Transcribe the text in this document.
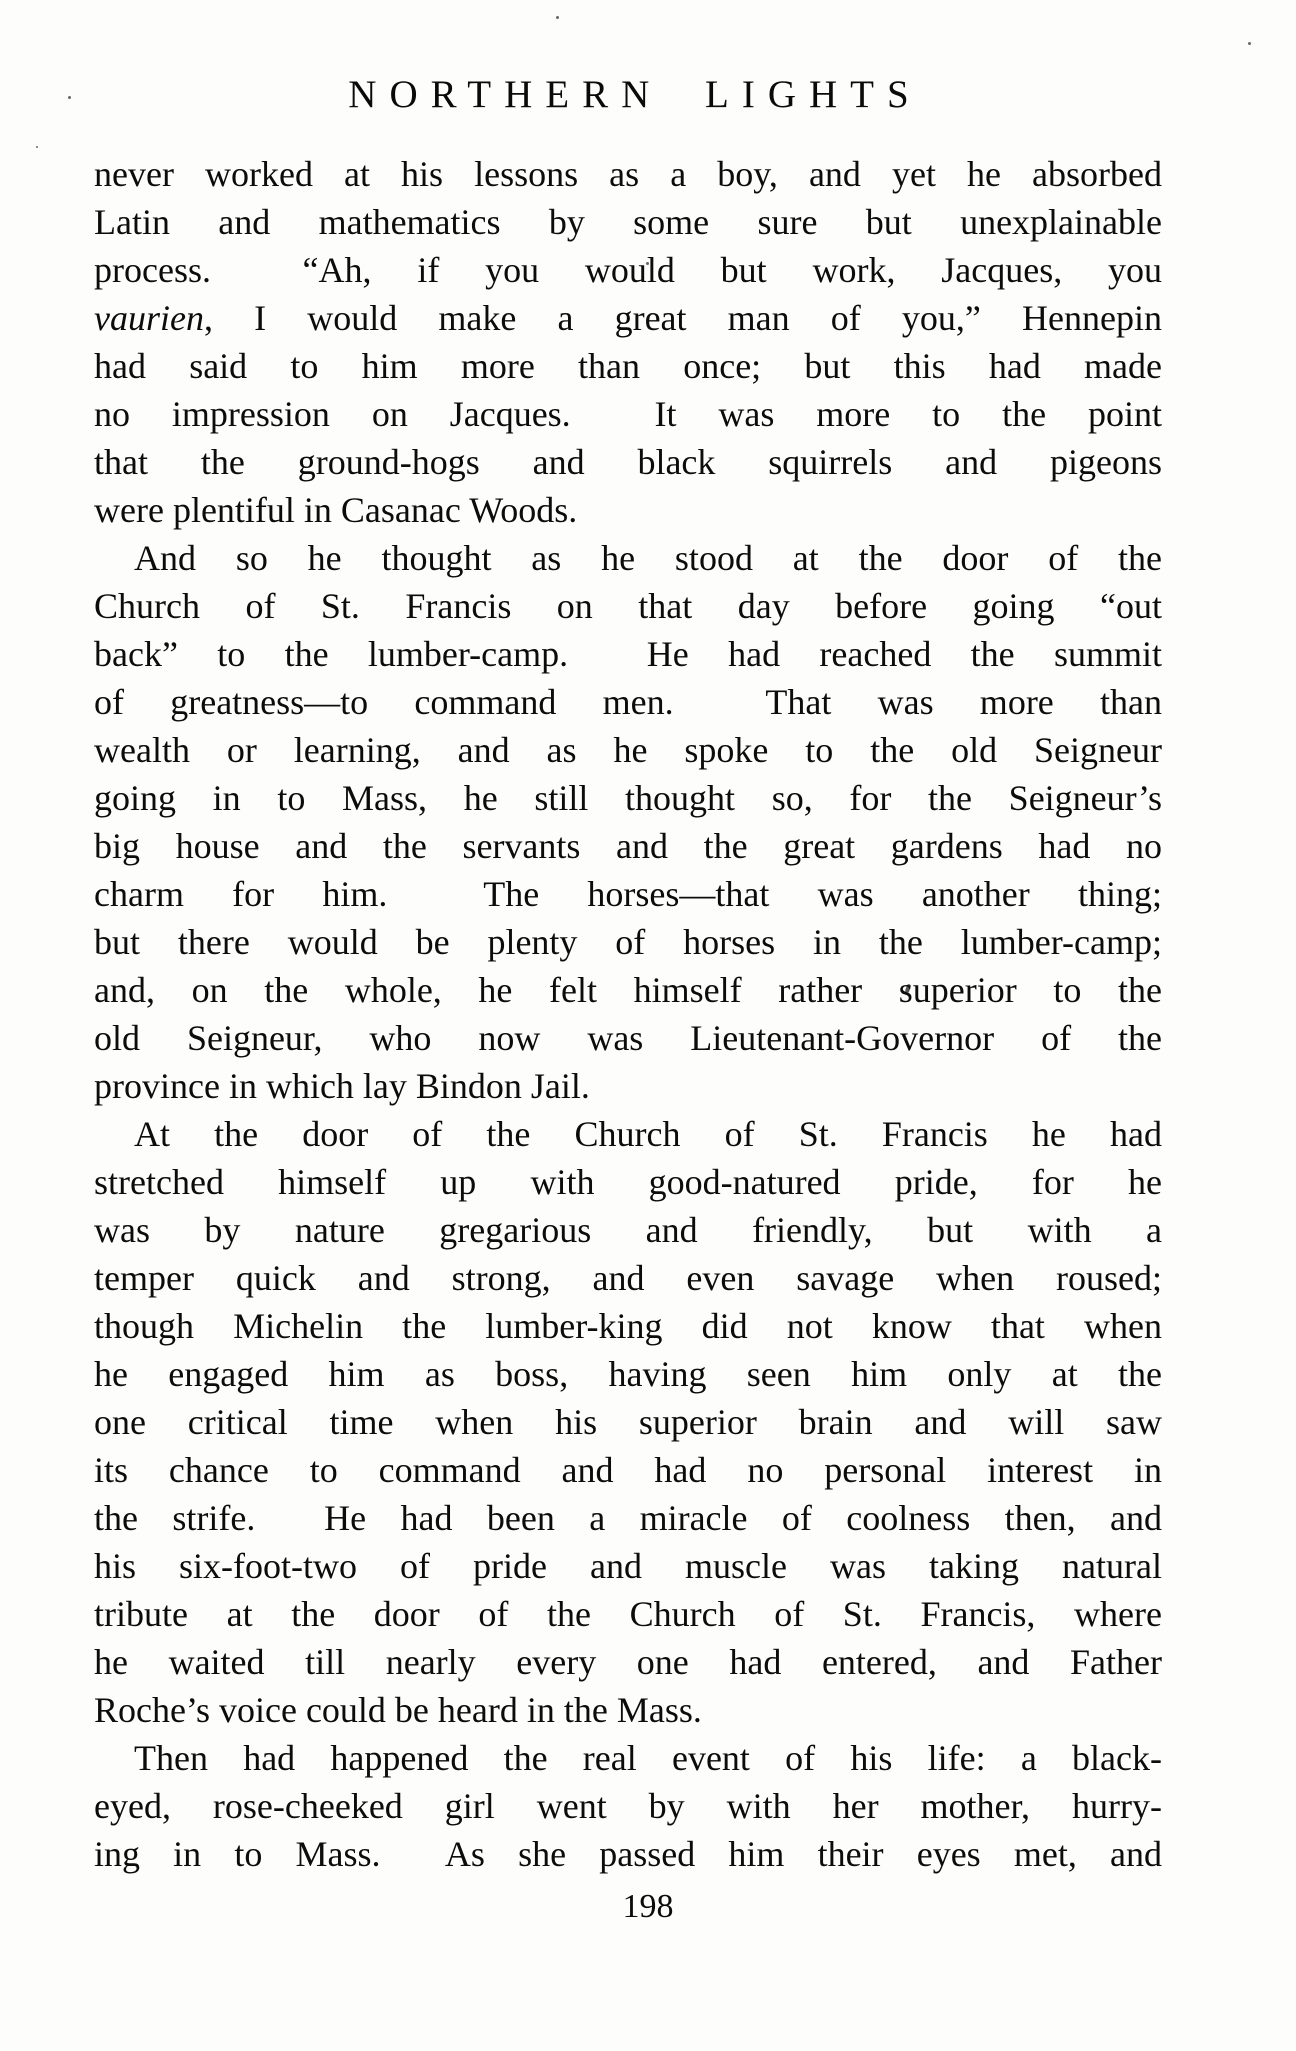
NORTHERN LIGHTS
never worked at his lessons as a boy, and yet he absorbed
Latin and mathematics by some sure but unexplainable
process.  “Ah, if you would but work, Jacques, you
vaurien, I would make a great man of you,” Hennepin
had said to him more than once; but this had made
no impression on Jacques.  It was more to the point
that the ground-hogs and black squirrels and pigeons
were plentiful in Casanac Woods.
And so he thought as he stood at the door of the
Church of St. Francis on that day before going “out
back” to the lumber-camp.  He had reached the summit
of greatness—to command men.  That was more than
wealth or learning, and as he spoke to the old Seigneur
going in to Mass, he still thought so, for the Seigneur’s
big house and the servants and the great gardens had no
charm for him.  The horses—that was another thing;
but there would be plenty of horses in the lumber-camp;
and, on the whole, he felt himself rather superior to the
old Seigneur, who now was Lieutenant-Governor of the
province in which lay Bindon Jail.
At the door of the Church of St. Francis he had
stretched himself up with good-natured pride, for he
was by nature gregarious and friendly, but with a
temper quick and strong, and even savage when roused;
though Michelin the lumber-king did not know that when
he engaged him as boss, having seen him only at the
one critical time when his superior brain and will saw
its chance to command and had no personal interest in
the strife.  He had been a miracle of coolness then, and
his six-foot-two of pride and muscle was taking natural
tribute at the door of the Church of St. Francis, where
he waited till nearly every one had entered, and Father
Roche’s voice could be heard in the Mass.
Then had happened the real event of his life: a black-
eyed, rose-cheeked girl went by with her mother, hurry-
ing in to Mass.  As she passed him their eyes met, and
198
